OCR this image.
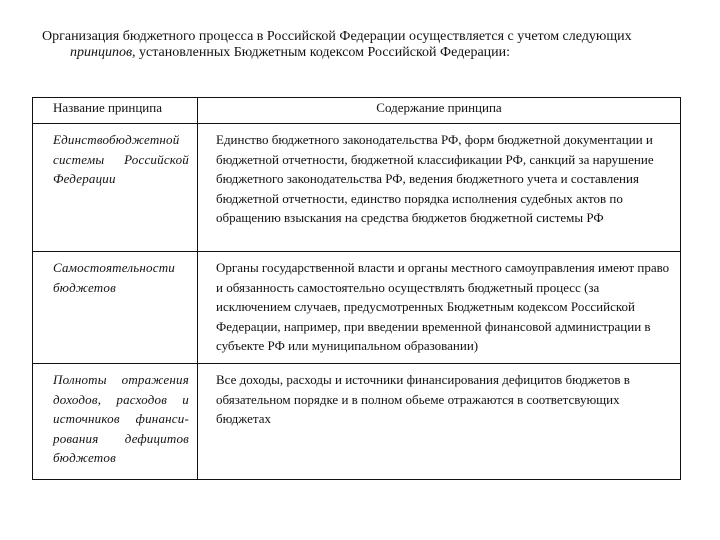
Организация бюджетного процесса в Российской Федерации осуществляется с учетом следующих
принципов, установленных Бюджетным кодексом Российской Федерации:
Название принципа	Содержание принципа
Единствобюджетной системы Российской Федерации	Единство бюджетного законодательства РФ, форм бюджетной документации и бюджетной отчетности, бюджетной классификации РФ, санкций за нарушение бюджетного законодательства РФ, ведения бюджетного учета и составления бюджетной отчетности, единство порядка исполнения судебных актов по обращению взыскания на средства бюджетов бюджетной системы РФ
Самостоятельности бюджетов	Органы государственной власти и органы местного самоуправления имеют право и обязанность самостоятельно осуществлять бюджетный процесс (за исключением случаев, предусмотренных Бюджетным кодексом Российской Федерации, например, при введении временной финансовой администрации в субъекте РФ или муниципальном образовании)
Полноты отражения доходов, расходов и источников финанси-рования дефицитов бюджетов	Все доходы, расходы и источники финансирования дефицитов бюджетов в обязательном порядке и в полном обьеме отражаются в соответсвующих бюджетах
